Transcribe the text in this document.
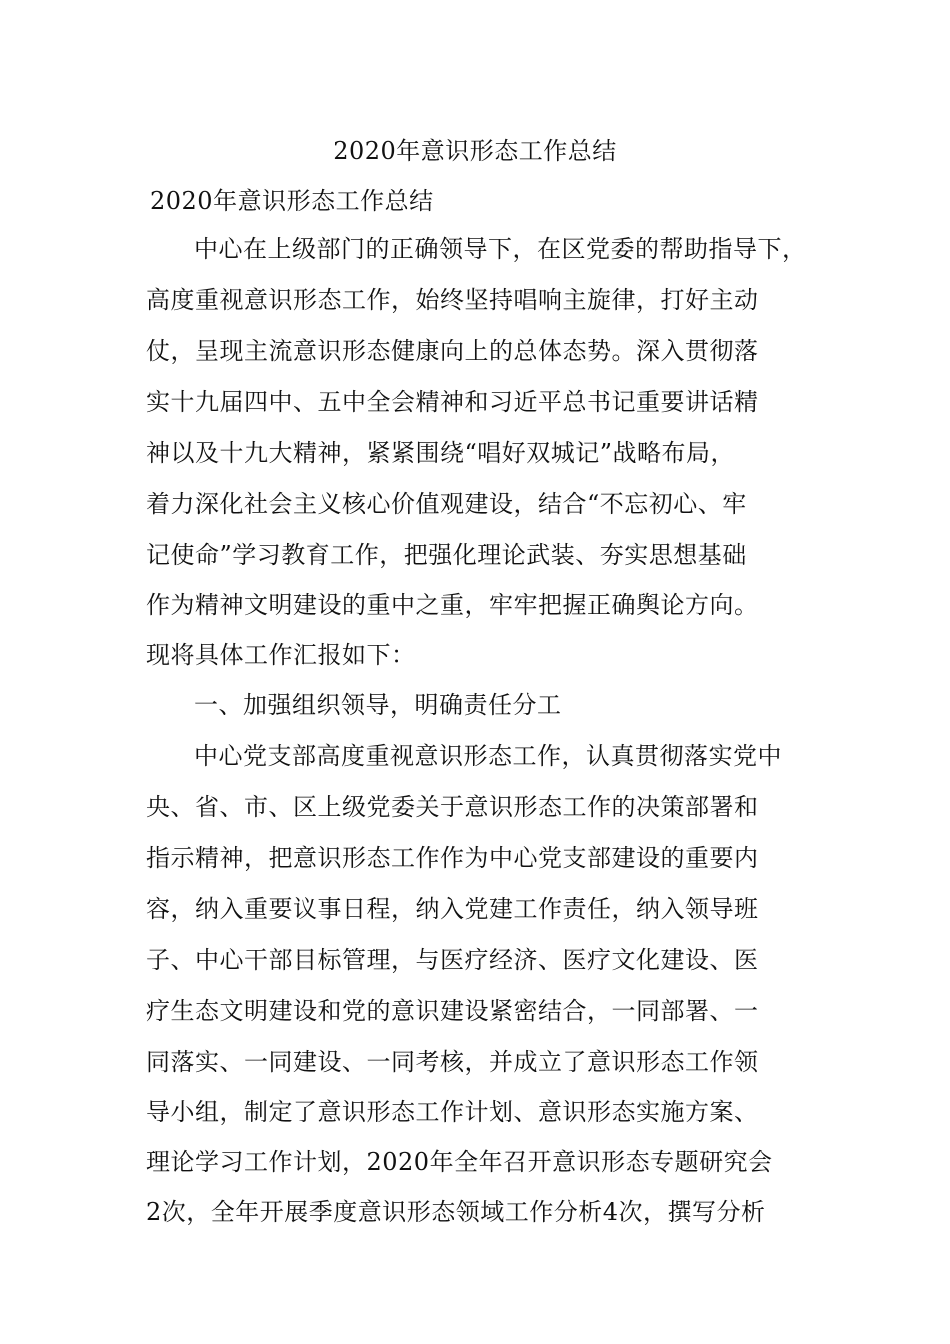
2020年意识形态工作总结
2020年意识形态工作总结
中心在上级部门的正确领导下，在区党委的帮助指导下，
高度重视意识形态工作，始终坚持唱响主旋律，打好主动
仗，呈现主流意识形态健康向上的总体态势。深入贯彻落
实十九届四中、五中全会精神和习近平总书记重要讲话精
神以及十九大精神，紧紧围绕“唱好双城记”战略布局，
着力深化社会主义核心价值观建设，结合“不忘初心、牢
记使命”学习教育工作，把强化理论武装、夯实思想基础
作为精神文明建设的重中之重，牢牢把握正确舆论方向。
现将具体工作汇报如下：
一、加强组织领导，明确责任分工
中心党支部高度重视意识形态工作，认真贯彻落实党中
央、省、市、区上级党委关于意识形态工作的决策部署和
指示精神，把意识形态工作作为中心党支部建设的重要内
容，纳入重要议事日程，纳入党建工作责任，纳入领导班
子、中心干部目标管理，与医疗经济、医疗文化建设、医
疗生态文明建设和党的意识建设紧密结合，一同部署、一
同落实、一同建设、一同考核，并成立了意识形态工作领
导小组，制定了意识形态工作计划、意识形态实施方案、
理论学习工作计划，2020年全年召开意识形态专题研究会
2次，全年开展季度意识形态领域工作分析4次，撰写分析
